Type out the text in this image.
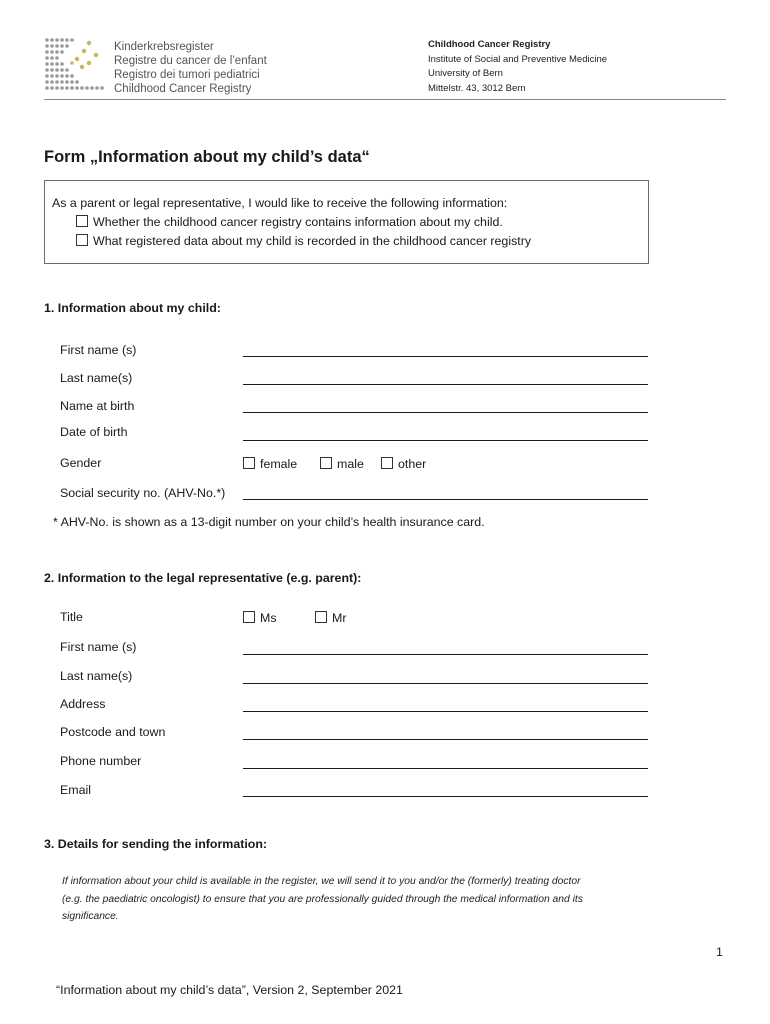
Kinderkrebsregister
Registre du cancer de l’enfant
Registro dei tumori pediatrici
Childhood Cancer Registry
Childhood Cancer Registry
Institute of Social and Preventive Medicine
University of Bern
Mittelstr. 43, 3012 Bern
Form „Information about my child’s data“
As a parent or legal representative, I would like to receive the following information:
Whether the childhood cancer registry contains information about my child.
What registered data about my child is recorded in the childhood cancer registry
1. Information about my child:
First name (s)
Last name(s)
Name at birth
Date of birth
Gender	female	male	other
Social security no. (AHV-No.*)
* AHV-No. is shown as a 13-digit number on your child’s health insurance card.
2. Information to the legal representative (e.g. parent):
Title	Ms	Mr
First name (s)
Last name(s)
Address
Postcode and town
Phone number
Email
3. Details for sending the information:
If information about your child is available in the register, we will send it to you and/or the (formerly) treating doctor (e.g. the paediatric oncologist) to ensure that you are professionally guided through the medical information and its significance.
1
“Information about my child’s data”, Version 2, September 2021
